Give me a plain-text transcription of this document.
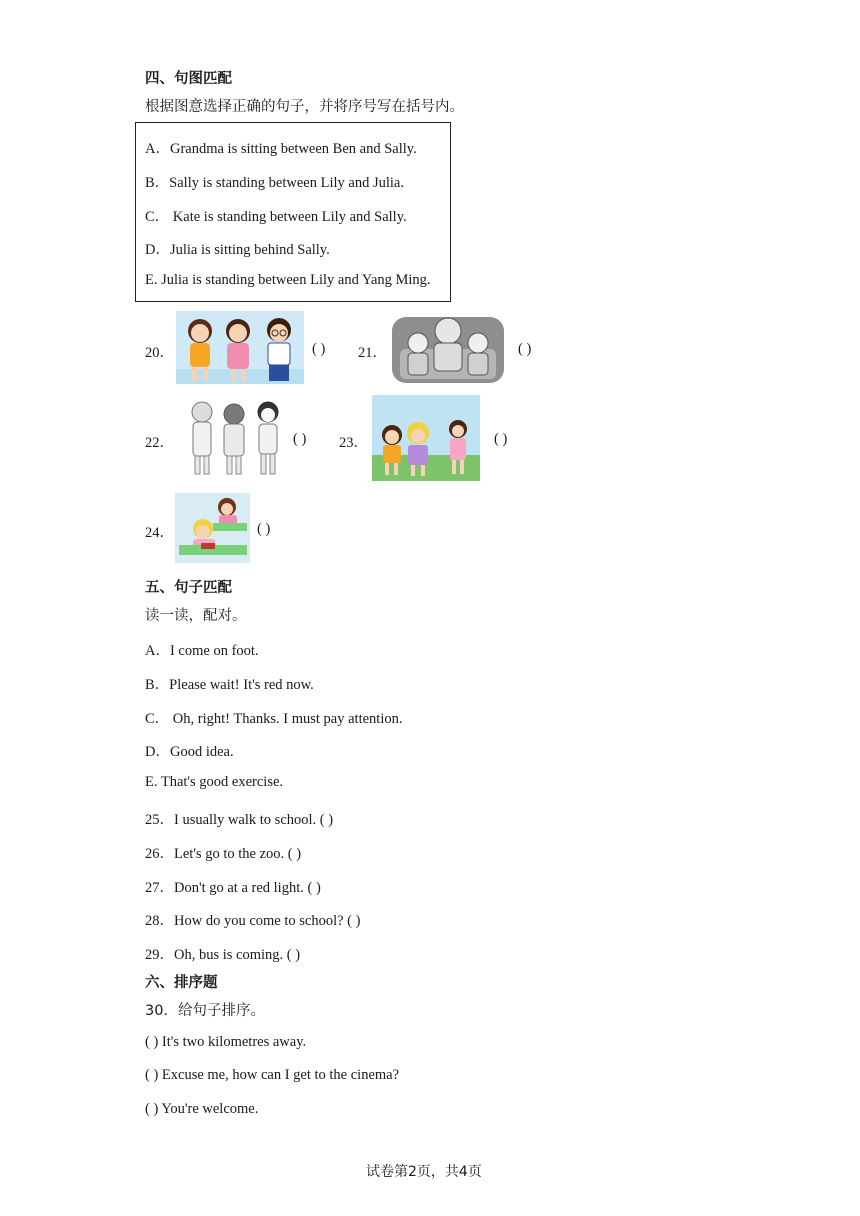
四、句图匹配
根据图意选择正确的句子，并将序号写在括号内。
A．Grandma is sitting between Ben and Sally.
B．Sally is standing between Lily and Julia.
C． Kate is standing between Lily and Sally.
D．Julia is sitting behind Sally.
E. Julia is standing between Lily and Yang Ming.
20．	( ) 21．	( )
22．	( ) 23．	( )
24．	( )
五、句子匹配
读一读，配对。
A．I come on foot.
B．Please wait! It's red now.
C． Oh, right! Thanks. I must pay attention.
D．Good idea.
E. That's good exercise.
25．I usually walk to school. ( )
26．Let's go to the zoo. ( )
27．Don't go at a red light. ( )
28．How do you come to school? ( )
29．Oh, bus is coming. ( )
六、排序题
30．给句子排序。
( ) It's two kilometres away.
( ) Excuse me, how can I get to the cinema?
( ) You're welcome.
试卷第2页，共4页
